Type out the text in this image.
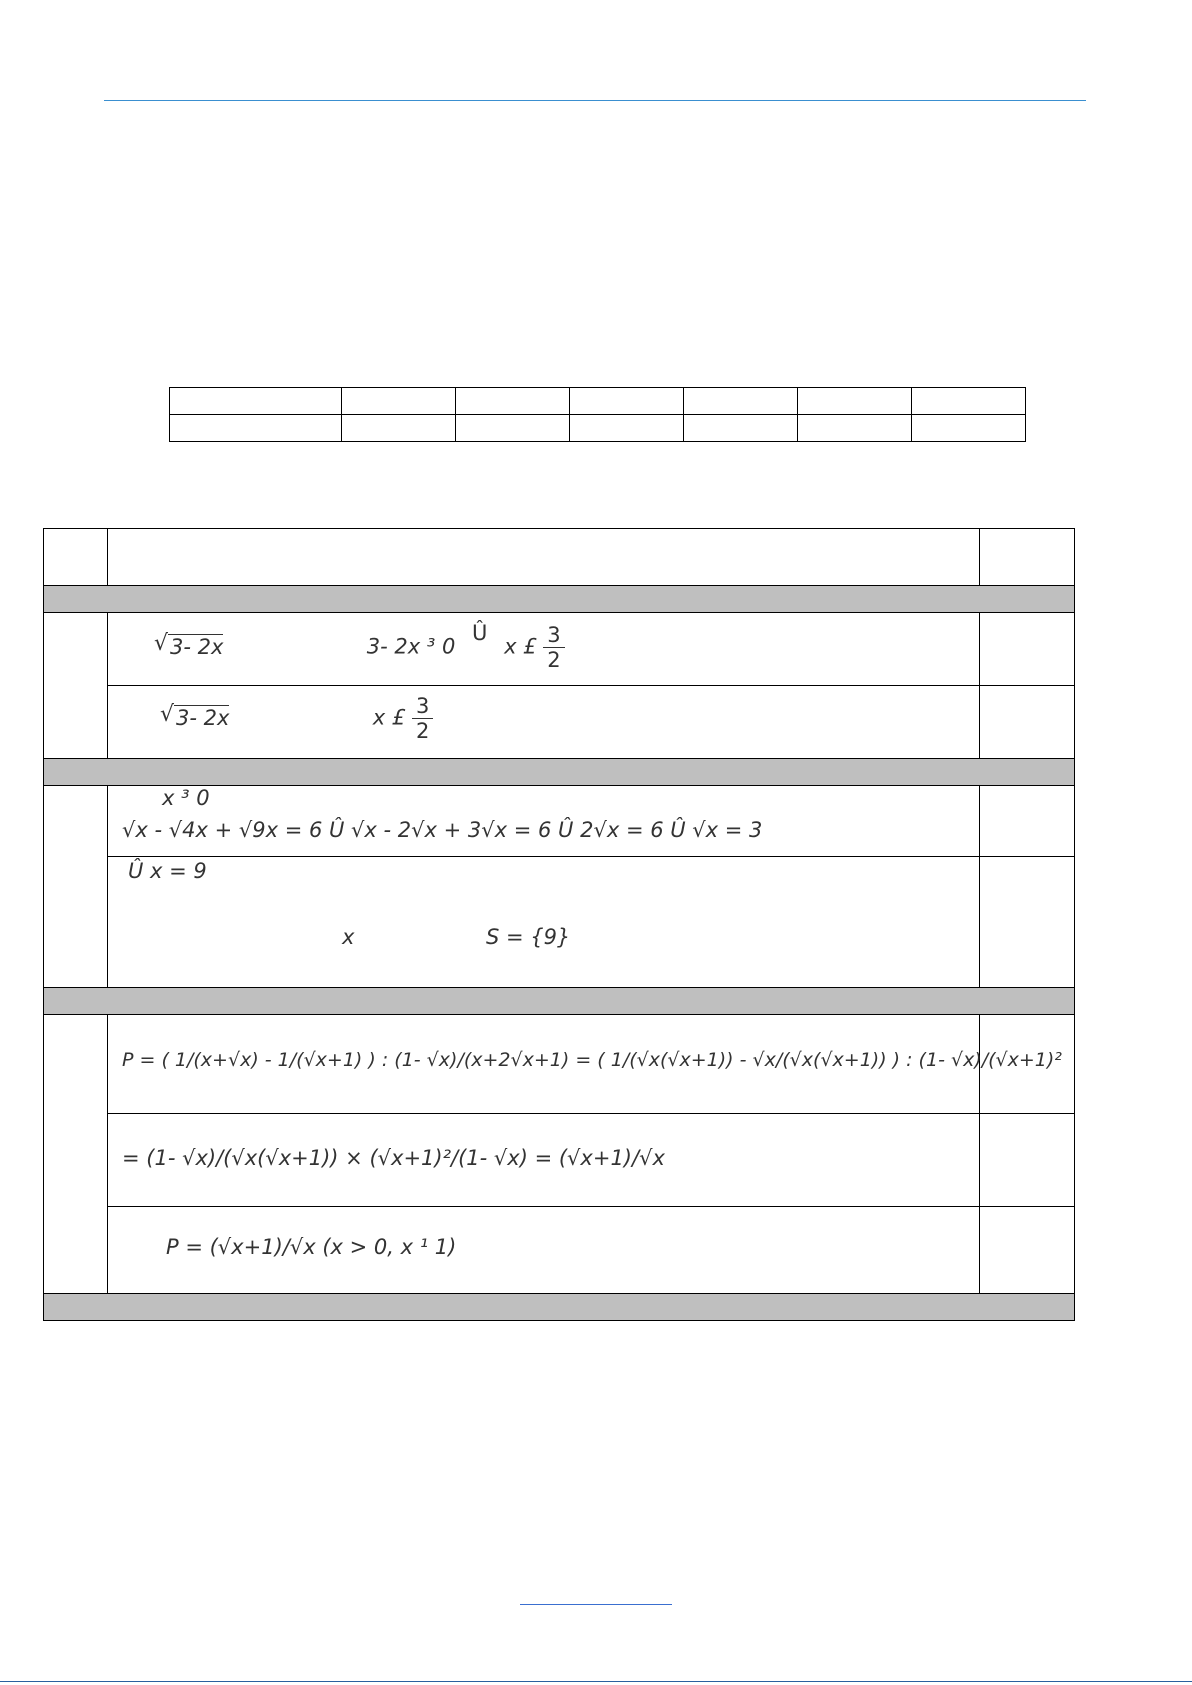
	√ 3- 2x 3- 2x ³ 0 Û x £ $\frac{3}{2}$

	√ 3- 2x x £ $\frac{3}{2}$

	x ³ 0
√x - √4x + √9x = 6 Û √x - 2√x + 3√x = 6 Û 2√x = 6 Û √x = 3	

	Û x = 9
x S = {9}	

	P = ( 1/(x+√x) - 1/(√x+1) ) : (1- √x)/(x+2√x+1) = ( 1/(√x(√x+1)) - √x/(√x(√x+1)) ) : (1- √x)/(√x+1)²	

	= (1- √x)/(√x(√x+1)) × (√x+1)²/(1- √x) = (√x+1)/√x	

	P = (√x+1)/√x (x > 0, x ¹ 1)	
